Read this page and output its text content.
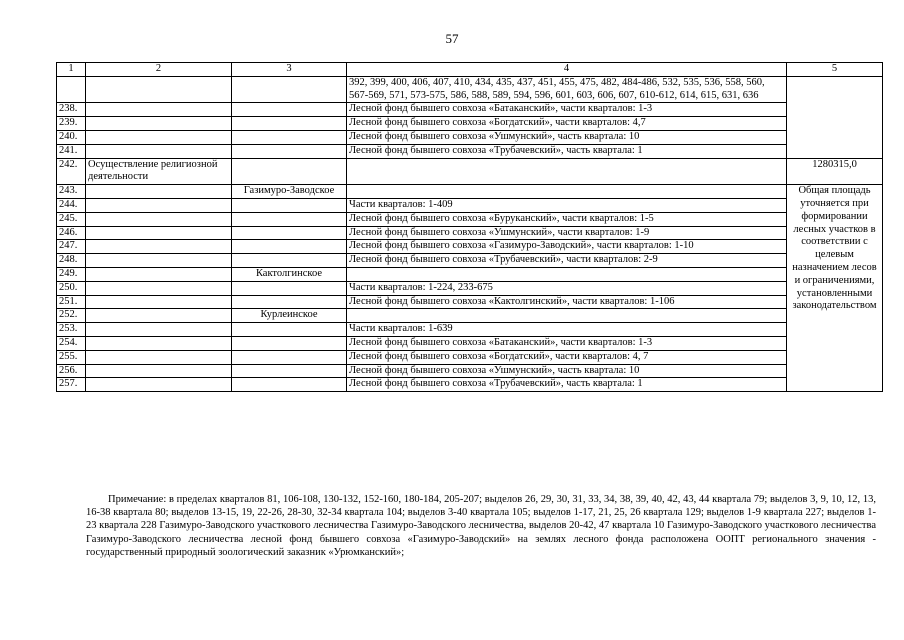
57
1	2	3	4	5
			392, 399, 400, 406, 407, 410, 434, 435, 437, 451, 455, 475, 482, 484-486, 532, 535, 536, 558, 560, 567-569, 571, 573-575, 586, 588, 589, 594, 596, 601, 603, 606, 607, 610-612, 614, 615, 631, 636	
238.			Лесной фонд бывшего совхоза «Батаканский», части кварталов: 1-3	
239.			Лесной фонд бывшего совхоза «Богдатский», части кварталов: 4,7	
240.			Лесной фонд бывшего совхоза «Ушмунский», часть квартала: 10	
241.			Лесной фонд бывшего совхоза «Трубачевский», часть квартала: 1	
242.	Осуществление религиозной деятельности			1280315,0
243.		Газимуро-Заводское		Общая площадь уточняется при формировании лесных участков в соответствии с целевым назначением лесов и ограничениями, установленными законодательством
244.			Части кварталов: 1-409	
245.			Лесной фонд бывшего совхоза «Буруканский», части кварталов: 1-5	
246.			Лесной фонд бывшего совхоза «Ушмунский», части кварталов: 1-9	
247.			Лесной фонд бывшего совхоза «Газимуро-Заводский», части кварталов: 1-10	
248.			Лесной фонд бывшего совхоза «Трубачевский», части кварталов: 2-9	
249.		Кактолгинское		
250.			Части кварталов: 1-224, 233-675	
251.			Лесной фонд бывшего совхоза «Кактолгинский», части кварталов: 1-106	
252.		Курлеинское		
253.			Части кварталов: 1-639	
254.			Лесной фонд бывшего совхоза «Батаканский», части кварталов: 1-3	
255.			Лесной фонд бывшего совхоза «Богдатский», части кварталов: 4, 7	
256.			Лесной фонд бывшего совхоза «Ушмунский», часть квартала: 10	
257.			Лесной фонд бывшего совхоза «Трубачевский», часть квартала: 1	

Примечание: в пределах кварталов 81, 106-108, 130-132, 152-160, 180-184, 205-207; выделов 26, 29, 30, 31, 33, 34, 38, 39, 40, 42, 43, 44 квартала 79; выделов 3, 9, 10, 12, 13, 16-38 квартала 80; выделов 13-15, 19, 22-26, 28-30, 32-34 квартала 104; выделов 3-40 квартала 105; выделов 1-17, 21, 25, 26 квартала 129; выделов 1-9 квартала 227; выделов 1-23 квартала 228 Газимуро-Заводского участкового лесничества Газимуро-Заводского лесничества, выделов 20-42, 47 квартала 10 Газимуро-Заводского участкового лесничества Газимуро-Заводского лесничества лесной фонд бывшего совхоза «Газимуро-Заводский» на землях лесного фонда расположена ООПТ регионального значения - государственный природный зоологический заказник «Урюмканский»;
